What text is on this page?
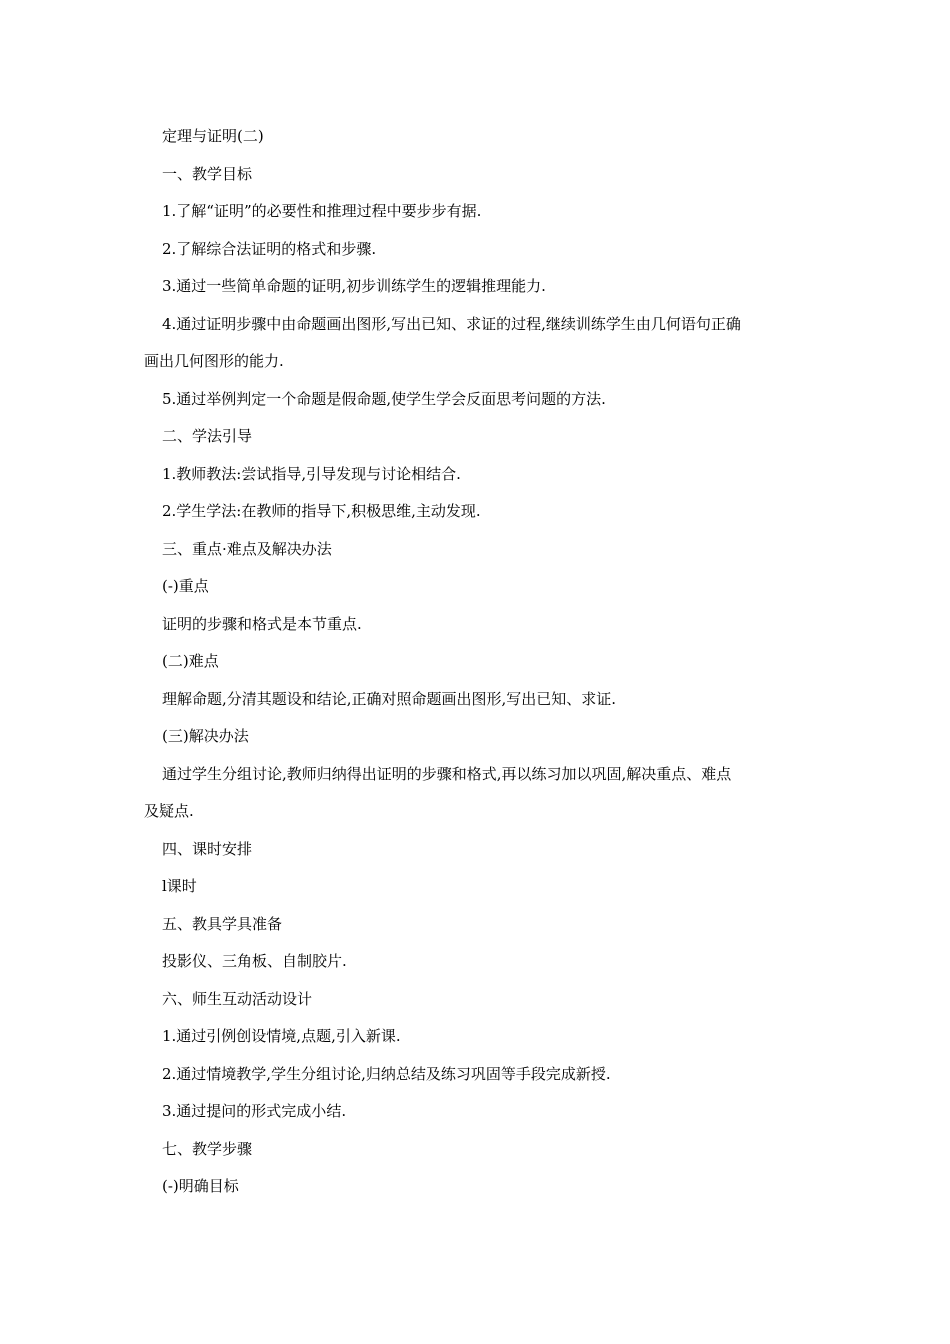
定理与证明(二)
一、教学目标
1.了解“证明”的必要性和推理过程中要步步有据.
2.了解综合法证明的格式和步骤.
3.通过一些简单命题的证明,初步训练学生的逻辑推理能力.
4.通过证明步骤中由命题画出图形,写出已知、求证的过程,继续训练学生由几何语句正确
画出几何图形的能力.
5.通过举例判定一个命题是假命题,使学生学会反面思考问题的方法.
二、学法引导
1.教师教法:尝试指导,引导发现与讨论相结合.
2.学生学法:在教师的指导下,积极思维,主动发现.
三、重点·难点及解决办法
(-)重点
证明的步骤和格式是本节重点.
(二)难点
理解命题,分清其题设和结论,正确对照命题画出图形,写出已知、求证.
(三)解决办法
通过学生分组讨论,教师归纳得出证明的步骤和格式,再以练习加以巩固,解决重点、难点
及疑点.
四、课时安排
l课时
五、教具学具准备
投影仪、三角板、自制胶片.
六、师生互动活动设计
1.通过引例创设情境,点题,引入新课.
2.通过情境教学,学生分组讨论,归纳总结及练习巩固等手段完成新授.
3.通过提问的形式完成小结.
七、教学步骤
(-)明确目标
